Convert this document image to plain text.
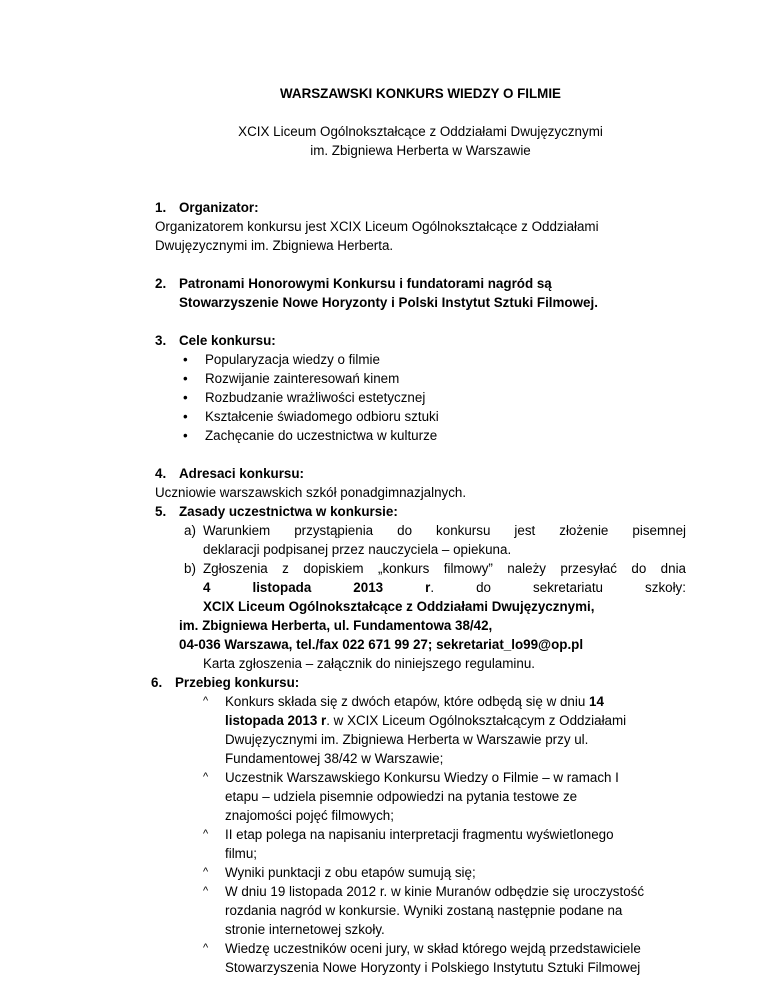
WARSZAWSKI KONKURS WIEDZY O FILMIE
XCIX Liceum Ogólnokształcące z Oddziałami Dwujęzycznymi
im. Zbigniewa Herberta w Warszawie
1. Organizator:
Organizatorem konkursu jest XCIX Liceum Ogólnokształcące z Oddziałami
Dwujęzycznymi im. Zbigniewa Herberta.
2. Patronami Honorowymi Konkursu i fundatorami nagród są
Stowarzyszenie Nowe Horyzonty i Polski Instytut Sztuki Filmowej.
3. Cele konkursu:
• Popularyzacja wiedzy o filmie
• Rozwijanie zainteresowań kinem
• Rozbudzanie wrażliwości estetycznej
• Kształcenie świadomego odbioru sztuki
• Zachęcanie do uczestnictwa w kulturze
4. Adresaci konkursu:
Uczniowie warszawskich szkół ponadgimnazjalnych.
5. Zasady uczestnictwa w konkursie:
a) Warunkiem przystąpienia do konkursu jest złożenie pisemnej
deklaracji podpisanej przez nauczyciela – opiekuna.
b) Zgłoszenia z dopiskiem „konkurs filmowy” należy przesyłać do dnia
4	listopada	2013	r.	do	sekretariatu	szkoły:
XCIX Liceum Ogólnokształcące z Oddziałami Dwujęzycznymi,
im. Zbigniewa Herberta, ul. Fundamentowa 38/42,
04-036 Warszawa, tel./fax 022 671 99 27; sekretariat_lo99@op.pl
Karta zgłoszenia – załącznik do niniejszego regulaminu.
6. Przebieg konkursu:
^ Konkurs składa się z dwóch etapów, które odbędą się w dniu 14
listopada 2013 r. w XCIX Liceum Ogólnokształcącym z Oddziałami
Dwujęzycznymi im. Zbigniewa Herberta w Warszawie przy ul.
Fundamentowej 38/42 w Warszawie;
^ Uczestnik Warszawskiego Konkursu Wiedzy o Filmie – w ramach I
etapu – udziela pisemnie odpowiedzi na pytania testowe ze
znajomości pojęć filmowych;
^ II etap polega na napisaniu interpretacji fragmentu wyświetlonego
filmu;
^ Wyniki punktacji z obu etapów sumują się;
^ W dniu 19 listopada 2012 r. w kinie Muranów odbędzie się uroczystość
rozdania nagród w konkursie. Wyniki zostaną następnie podane na
stronie internetowej szkoły.
^ Wiedzę uczestników oceni jury, w skład którego wejdą przedstawiciele
Stowarzyszenia Nowe Horyzonty i Polskiego Instytutu Sztuki Filmowej
